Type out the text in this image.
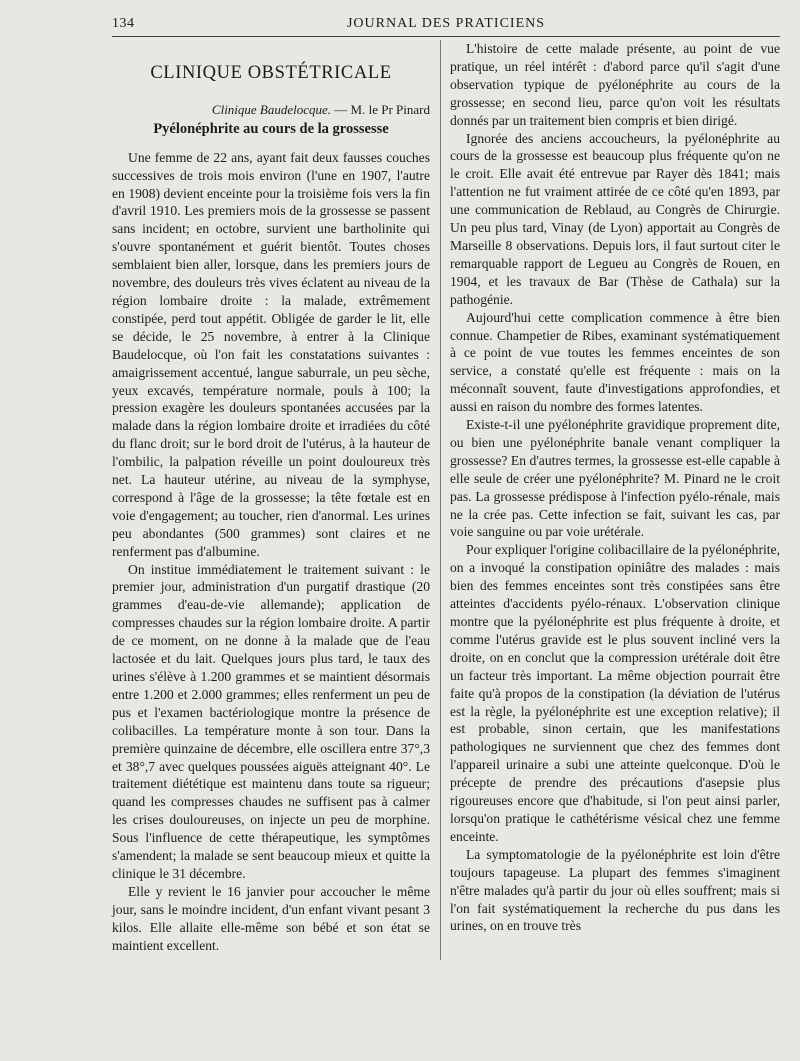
134	JOURNAL DES PRATICIENS
CLINIQUE OBSTÉTRICALE
Clinique Baudelocque. — M. le Pr Pinard
Pyélonéphrite au cours de la grossesse

Une femme de 22 ans, ayant fait deux fausses couches successives de trois mois environ (l'une en 1907, l'autre en 1908) devient enceinte pour la troisième fois vers la fin d'avril 1910. Les premiers mois de la grossesse se passent sans incident; en octobre, survient une bartholinite qui s'ouvre spontanément et guérit bientôt. Toutes choses semblaient bien aller, lorsque, dans les premiers jours de novembre, des douleurs très vives éclatent au niveau de la région lombaire droite : la malade, extrêmement constipée, perd tout appétit. Obligée de garder le lit, elle se décide, le 25 novembre, à entrer à la Clinique Baudelocque, où l'on fait les constatations suivantes : amaigrissement accentué, langue saburrale, un peu sèche, yeux excavés, température normale, pouls à 100; la pression exagère les douleurs spontanées accusées par la malade dans la région lombaire droite et irradiées du côté du flanc droit; sur le bord droit de l'utérus, à la hauteur de l'ombilic, la palpation réveille un point douloureux très net. La hauteur utérine, au niveau de la symphyse, correspond à l'âge de la grossesse; la tête fœtale est en voie d'engagement; au toucher, rien d'anormal. Les urines peu abondantes (500 grammes) sont claires et ne renferment pas d'albumine.

On institue immédiatement le traitement suivant : le premier jour, administration d'un purgatif drastique (20 grammes d'eau-de-vie allemande); application de compresses chaudes sur la région lombaire droite. A partir de ce moment, on ne donne à la malade que de l'eau lactosée et du lait. Quelques jours plus tard, le taux des urines s'élève à 1.200 grammes et se maintient désormais entre 1.200 et 2.000 grammes; elles renferment un peu de pus et l'examen bactériologique montre la présence de colibacilles. La température monte à son tour. Dans la première quinzaine de décembre, elle oscillera entre 37°,3 et 38°,7 avec quelques poussées aiguës atteignant 40°. Le traitement diététique est maintenu dans toute sa rigueur; quand les compresses chaudes ne suffisent pas à calmer les crises douloureuses, on injecte un peu de morphine. Sous l'influence de cette thérapeutique, les symptômes s'amendent; la malade se sent beaucoup mieux et quitte la clinique le 31 décembre.

Elle y revient le 16 janvier pour accoucher le même jour, sans le moindre incident, d'un enfant vivant pesant 3 kilos. Elle allaite elle-même son bébé et son état se maintient excellent.

L'histoire de cette malade présente, au point de vue pratique, un réel intérêt : d'abord parce qu'il s'agit d'une observation typique de pyélonéphrite au cours de la grossesse; en second lieu, parce qu'on voit les résultats donnés par un traitement bien compris et bien dirigé.

Ignorée des anciens accoucheurs, la pyélonéphrite au cours de la grossesse est beaucoup plus fréquente qu'on ne le croit. Elle avait été entrevue par Rayer dès 1841; mais l'attention ne fut vraiment attirée de ce côté qu'en 1893, par une communication de Reblaud, au Congrès de Chirurgie. Un peu plus tard, Vinay (de Lyon) apportait au Congrès de Marseille 8 observations. Depuis lors, il faut surtout citer le remarquable rapport de Legueu au Congrès de Rouen, en 1904, et les travaux de Bar (Thèse de Cathala) sur la pathogénie.

Aujourd'hui cette complication commence à être bien connue. Champetier de Ribes, examinant systématiquement à ce point de vue toutes les femmes enceintes de son service, a constaté qu'elle est fréquente : mais on la méconnaît souvent, faute d'investigations approfondies, et aussi en raison du nombre des formes latentes.

Existe-t-il une pyélonéphrite gravidique proprement dite, ou bien une pyélonéphrite banale venant compliquer la grossesse? En d'autres termes, la grossesse est-elle capable à elle seule de créer une pyélonéphrite? M. Pinard ne le croit pas. La grossesse prédispose à l'infection pyélo-rénale, mais ne la crée pas. Cette infection se fait, suivant les cas, par voie sanguine ou par voie urétérale.

Pour expliquer l'origine colibacillaire de la pyélonéphrite, on a invoqué la constipation opiniâtre des malades : mais bien des femmes enceintes sont très constipées sans être atteintes d'accidents pyélo-rénaux. L'observation clinique montre que la pyélonéphrite est plus fréquente à droite, et comme l'utérus gravide est le plus souvent incliné vers la droite, on en conclut que la compression urétérale doit être un facteur très important. La même objection pourrait être faite qu'à propos de la constipation (la déviation de l'utérus est la règle, la pyélonéphrite est une exception relative); il est probable, sinon certain, que les manifestations pathologiques ne surviennent que chez des femmes dont l'appareil urinaire a subi une atteinte quelconque. D'où le précepte de prendre des précautions d'asepsie plus rigoureuses encore que d'habitude, si l'on peut ainsi parler, lorsqu'on pratique le cathétérisme vésical chez une femme enceinte.

La symptomatologie de la pyélonéphrite est loin d'être toujours tapageuse. La plupart des femmes s'imaginent n'être malades qu'à partir du jour où elles souffrent; mais si l'on fait systématiquement la recherche du pus dans les urines, on en trouve très
